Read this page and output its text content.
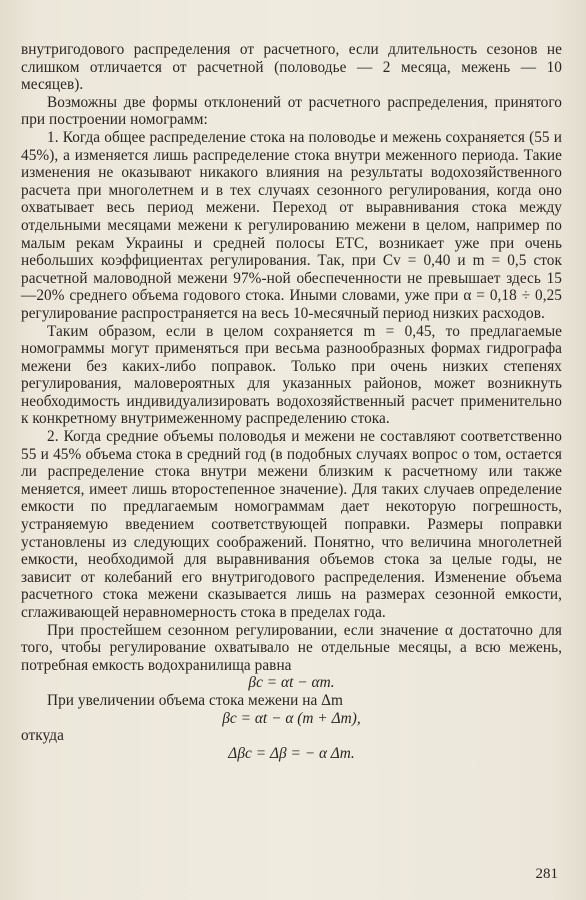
внутригодового распределения от расчетного, если длительность сезонов не слишком отличается от расчетной (половодье — 2 месяца, межень — 10 месяцев).

Возможны две формы отклонений от расчетного распределения, принятого при построении номограмм:

1. Когда общее распределение стока на половодье и межень сохраняется (55 и 45%), а изменяется лишь распределение стока внутри меженного периода. Такие изменения не оказывают никакого влияния на результаты водохозяйственного расчета при многолетнем и в тех случаях сезонного регулирования, когда оно охватывает весь период межени. Переход от выравнивания стока между отдельными месяцами межени к регулированию межени в целом, например по малым рекам Украины и средней полосы ЕТС, возникает уже при очень небольших коэффициентах регулирования. Так, при Cv = 0,40 и m = 0,5 сток расчетной маловодной межени 97%-ной обеспеченности не превышает здесь 15—20% среднего объема годового стока. Иными словами, уже при α = 0,18 ÷ 0,25 регулирование распространяется на весь 10-месячный период низких расходов.

Таким образом, если в целом сохраняется m = 0,45, то предлагаемые номограммы могут применяться при весьма разнообразных формах гидрографа межени без каких-либо поправок. Только при очень низких степенях регулирования, маловероятных для указанных районов, может возникнуть необходимость индивидуализировать водохозяйственный расчет применительно к конкретному внутримеженному распределению стока.

2. Когда средние объемы половодья и межени не составляют соответственно 55 и 45% объема стока в средний год (в подобных случаях вопрос о том, остается ли распределение стока внутри межени близким к расчетному или также меняется, имеет лишь второстепенное значение). Для таких случаев определение емкости по предлагаемым номограммам дает некоторую погрешность, устраняемую введением соответствующей поправки. Размеры поправки установлены из следующих соображений. Понятно, что величина многолетней емкости, необходимой для выравнивания объемов стока за целые годы, не зависит от колебаний его внутригодового распределения. Изменение объема расчетного стока межени сказывается лишь на размерах сезонной емкости, сглаживающей неравномерность стока в пределах года.

При простейшем сезонном регулировании, если значение α достаточно для того, чтобы регулирование охватывало не отдельные месяцы, а всю межень, потребная емкость водохранилища равна

βc = αt − αm.

При увеличении объема стока межени на Δm

βc = αt − α (m + Δm),

откуда

Δβc = Δβ = − α Δm.

281
